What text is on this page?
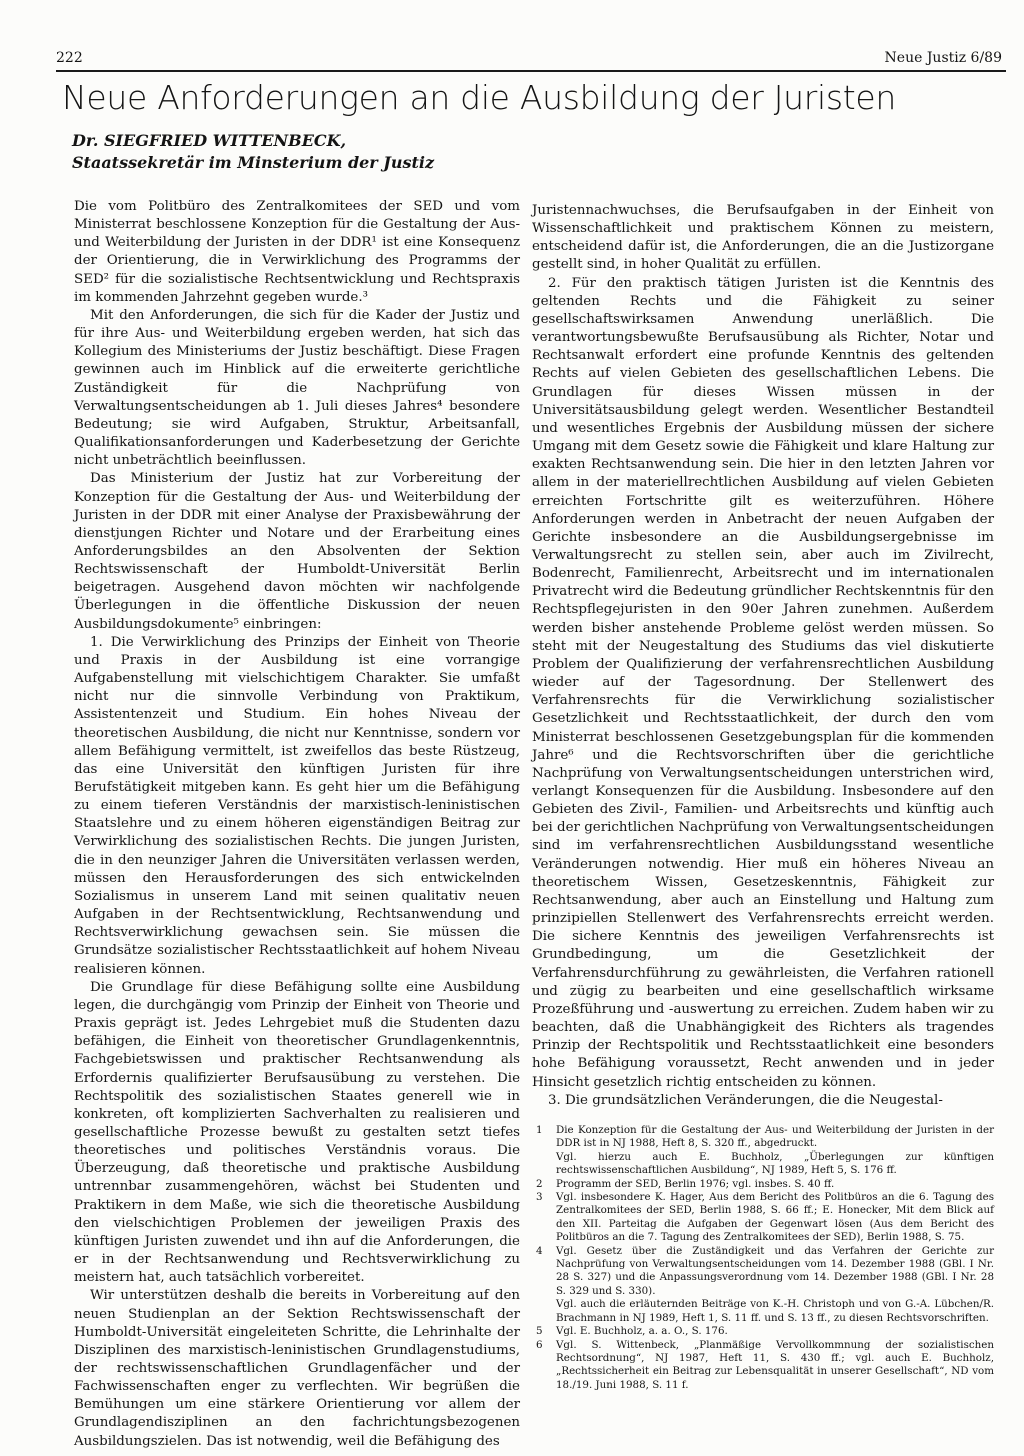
222	Neue Justiz 6/89
Neue Anforderungen an die Ausbildung der Juristen
Dr. SIEGFRIED WITTENBECK,
Staatssekretär im Minsterium der Justiz

Die vom Politbüro des Zentralkomitees der SED und vom Ministerrat beschlossene Konzeption für die Gestaltung der Aus- und Weiterbildung der Juristen in der DDR¹ ist eine Konsequenz der Orientierung, die in Verwirklichung des Programms der SED² für die sozialistische Rechtsentwicklung und Rechtspraxis im kommenden Jahrzehnt gegeben wurde.³

Mit den Anforderungen, die sich für die Kader der Justiz und für ihre Aus- und Weiterbildung ergeben werden, hat sich das Kollegium des Ministeriums der Justiz beschäftigt. Diese Fragen gewinnen auch im Hinblick auf die erweiterte gerichtliche Zuständigkeit für die Nachprüfung von Verwaltungsentscheidungen ab 1. Juli dieses Jahres⁴ besondere Bedeutung; sie wird Aufgaben, Struktur, Arbeitsanfall, Qualifikationsanforderungen und Kaderbesetzung der Gerichte nicht unbeträchtlich beeinflussen.

Das Ministerium der Justiz hat zur Vorbereitung der Konzeption für die Gestaltung der Aus- und Weiterbildung der Juristen in der DDR mit einer Analyse der Praxisbewährung der dienstjungen Richter und Notare und der Erarbeitung eines Anforderungsbildes an den Absolventen der Sektion Rechtswissenschaft der Humboldt-Universität Berlin beigetragen. Ausgehend davon möchten wir nachfolgende Überlegungen in die öffentliche Diskussion der neuen Ausbildungsdokumente⁵ einbringen:

1. Die Verwirklichung des Prinzips der Einheit von Theorie und Praxis in der Ausbildung ist eine vorrangige Aufgabenstellung mit vielschichtigem Charakter. Sie umfaßt nicht nur die sinnvolle Verbindung von Praktikum, Assistentenzeit und Studium. Ein hohes Niveau der theoretischen Ausbildung, die nicht nur Kenntnisse, sondern vor allem Befähigung vermittelt, ist zweifellos das beste Rüstzeug, das eine Universität den künftigen Juristen für ihre Berufstätigkeit mitgeben kann. Es geht hier um die Befähigung zu einem tieferen Verständnis der marxistisch-leninistischen Staatslehre und zu einem höheren eigenständigen Beitrag zur Verwirklichung des sozialistischen Rechts. Die jungen Juristen, die in den neunziger Jahren die Universitäten verlassen werden, müssen den Herausforderungen des sich entwickelnden Sozialismus in unserem Land mit seinen qualitativ neuen Aufgaben in der Rechtsentwicklung, Rechtsanwendung und Rechtsverwirklichung gewachsen sein. Sie müssen die Grundsätze sozialistischer Rechtsstaatlichkeit auf hohem Niveau realisieren können.

Die Grundlage für diese Befähigung sollte eine Ausbildung legen, die durchgängig vom Prinzip der Einheit von Theorie und Praxis geprägt ist. Jedes Lehrgebiet muß die Studenten dazu befähigen, die Einheit von theoretischer Grundlagenkenntnis, Fachgebietswissen und praktischer Rechtsanwendung als Erfordernis qualifizierter Berufsausübung zu verstehen. Die Rechtspolitik des sozialistischen Staates generell wie in konkreten, oft komplizierten Sachverhalten zu realisieren und gesellschaftliche Prozesse bewußt zu gestalten setzt tiefes theoretisches und politisches Verständnis voraus. Die Überzeugung, daß theoretische und praktische Ausbildung untrennbar zusammengehören, wächst bei Studenten und Praktikern in dem Maße, wie sich die theoretische Ausbildung den vielschichtigen Problemen der jeweiligen Praxis des künftigen Juristen zuwendet und ihn auf die Anforderungen, die er in der Rechtsanwendung und Rechtsverwirklichung zu meistern hat, auch tatsächlich vorbereitet.

Wir unterstützen deshalb die bereits in Vorbereitung auf den neuen Studienplan an der Sektion Rechtswissenschaft der Humboldt-Universität eingeleiteten Schritte, die Lehrinhalte der Disziplinen des marxistisch-leninistischen Grundlagenstudiums, der rechtswissenschaftlichen Grundlagenfächer und der Fachwissenschaften enger zu verflechten. Wir begrüßen die Bemühungen um eine stärkere Orientierung vor allem der Grundlagendisziplinen an den fachrichtungsbezogenen Ausbildungszielen. Das ist notwendig, weil die Befähigung des

Juristennachwuchses, die Berufsaufgaben in der Einheit von Wissenschaftlichkeit und praktischem Können zu meistern, entscheidend dafür ist, die Anforderungen, die an die Justizorgane gestellt sind, in hoher Qualität zu erfüllen.

2. Für den praktisch tätigen Juristen ist die Kenntnis des geltenden Rechts und die Fähigkeit zu seiner gesellschaftswirksamen Anwendung unerläßlich. Die verantwortungsbewußte Berufsausübung als Richter, Notar und Rechtsanwalt erfordert eine profunde Kenntnis des geltenden Rechts auf vielen Gebieten des gesellschaftlichen Lebens. Die Grundlagen für dieses Wissen müssen in der Universitätsausbildung gelegt werden. Wesentlicher Bestandteil und wesentliches Ergebnis der Ausbildung müssen der sichere Umgang mit dem Gesetz sowie die Fähigkeit und klare Haltung zur exakten Rechtsanwendung sein. Die hier in den letzten Jahren vor allem in der materiellrechtlichen Ausbildung auf vielen Gebieten erreichten Fortschritte gilt es weiterzuführen. Höhere Anforderungen werden in Anbetracht der neuen Aufgaben der Gerichte insbesondere an die Ausbildungsergebnisse im Verwaltungsrecht zu stellen sein, aber auch im Zivilrecht, Bodenrecht, Familienrecht, Arbeitsrecht und im internationalen Privatrecht wird die Bedeutung gründlicher Rechtskenntnis für den Rechtspflegejuristen in den 90er Jahren zunehmen. Außerdem werden bisher anstehende Probleme gelöst werden müssen. So steht mit der Neugestaltung des Studiums das viel diskutierte Problem der Qualifizierung der verfahrensrechtlichen Ausbildung wieder auf der Tagesordnung. Der Stellenwert des Verfahrensrechts für die Verwirklichung sozialistischer Gesetzlichkeit und Rechtsstaatlichkeit, der durch den vom Ministerrat beschlossenen Gesetzgebungsplan für die kommenden Jahre⁶ und die Rechtsvorschriften über die gerichtliche Nachprüfung von Verwaltungsentscheidungen unterstrichen wird, verlangt Konsequenzen für die Ausbildung. Insbesondere auf den Gebieten des Zivil-, Familien- und Arbeitsrechts und künftig auch bei der gerichtlichen Nachprüfung von Verwaltungsentscheidungen sind im verfahrensrechtlichen Ausbildungsstand wesentliche Veränderungen notwendig. Hier muß ein höheres Niveau an theoretischem Wissen, Gesetzeskenntnis, Fähigkeit zur Rechtsanwendung, aber auch an Einstellung und Haltung zum prinzipiellen Stellenwert des Verfahrensrechts erreicht werden. Die sichere Kenntnis des jeweiligen Verfahrensrechts ist Grundbedingung, um die Gesetzlichkeit der Verfahrensdurchführung zu gewährleisten, die Verfahren rationell und zügig zu bearbeiten und eine gesellschaftlich wirksame Prozeßführung und -auswertung zu erreichen. Zudem haben wir zu beachten, daß die Unabhängigkeit des Richters als tragendes Prinzip der Rechtspolitik und Rechtsstaatlichkeit eine besonders hohe Befähigung voraussetzt, Recht anwenden und in jeder Hinsicht gesetzlich richtig entscheiden zu können.

3. Die grundsätzlichen Veränderungen, die die Neugestal-

1 Die Konzeption für die Gestaltung der Aus- und Weiterbildung der Juristen in der DDR ist in NJ 1988, Heft 8, S. 320 ff., abgedruckt.
Vgl. hierzu auch E. Buchholz, „Überlegungen zur künftigen rechtswissenschaftlichen Ausbildung“, NJ 1989, Heft 5, S. 176 ff.
2 Programm der SED, Berlin 1976; vgl. insbes. S. 40 ff.
3 Vgl. insbesondere K. Hager, Aus dem Bericht des Politbüros an die 6. Tagung des Zentralkomitees der SED, Berlin 1988, S. 66 ff.; E. Honecker, Mit dem Blick auf den XII. Parteitag die Aufgaben der Gegenwart lösen (Aus dem Bericht des Politbüros an die 7. Tagung des Zentralkomitees der SED), Berlin 1988, S. 75.
4 Vgl. Gesetz über die Zuständigkeit und das Verfahren der Gerichte zur Nachprüfung von Verwaltungsentscheidungen vom 14. Dezember 1988 (GBl. I Nr. 28 S. 327) und die Anpassungsverordnung vom 14. Dezember 1988 (GBl. I Nr. 28 S. 329 und S. 330).
Vgl. auch die erläuternden Beiträge von K.-H. Christoph und von G.-A. Lübchen/R. Brachmann in NJ 1989, Heft 1, S. 11 ff. und S. 13 ff., zu diesen Rechtsvorschriften.
5 Vgl. E. Buchholz, a. a. O., S. 176.
6 Vgl. S. Wittenbeck, „Planmäßige Vervollkommnung der sozialistischen Rechtsordnung“, NJ 1987, Heft 11, S. 430 ff.; vgl. auch E. Buchholz, „Rechtssicherheit ein Beitrag zur Lebensqualität in unserer Gesellschaft“, ND vom 18./19. Juni 1988, S. 11 f.
